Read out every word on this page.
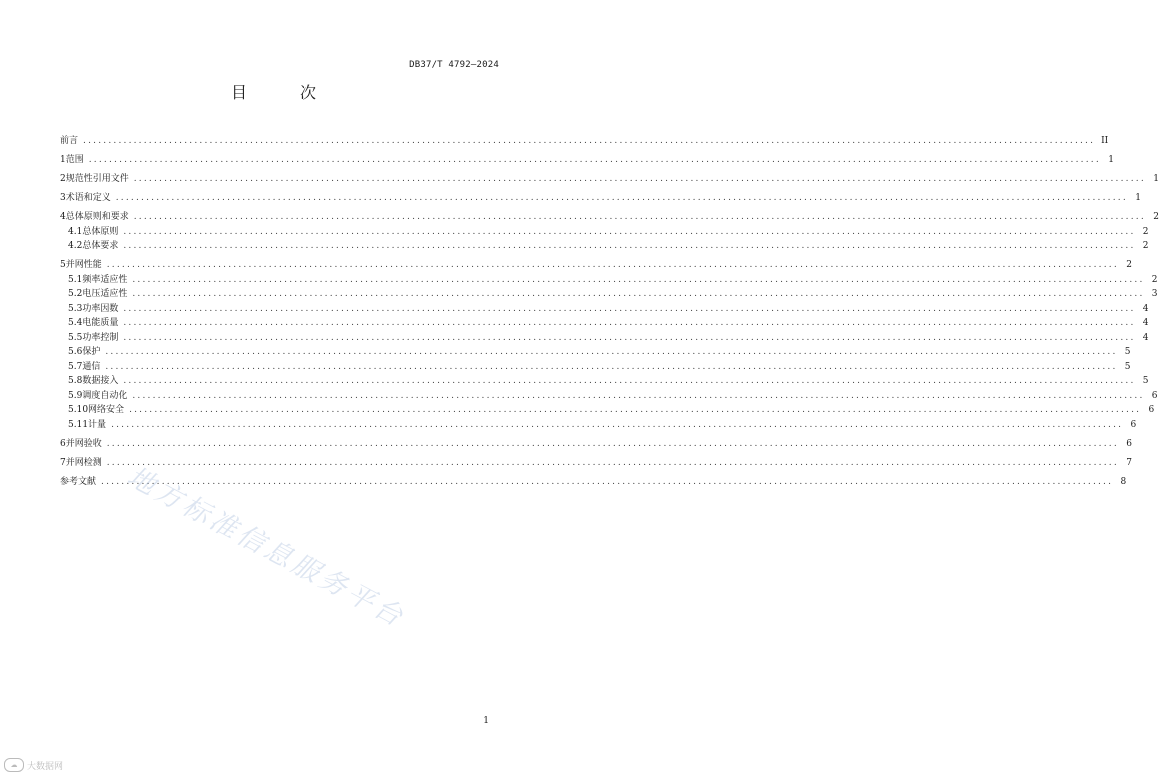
DB37/T 4792—2024
目 次
前言 ........................................................................................................................................................................................................ II
1 范围 ........................................................................................................................................................................................................ 1
2 规范性引用文件 ........................................................................................................................................................................................................ 1
3 术语和定义 ........................................................................................................................................................................................................ 1
4 总体原则和要求 ........................................................................................................................................................................................................ 2
4.1 总体原则 ........................................................................................................................................................................................................ 2
4.2 总体要求 ........................................................................................................................................................................................................ 2
5 并网性能 ........................................................................................................................................................................................................ 2
5.1 频率适应性 ........................................................................................................................................................................................................ 2
5.2 电压适应性 ........................................................................................................................................................................................................ 3
5.3 功率因数 ........................................................................................................................................................................................................ 4
5.4 电能质量 ........................................................................................................................................................................................................ 4
5.5 功率控制 ........................................................................................................................................................................................................ 4
5.6 保护 ........................................................................................................................................................................................................ 5
5.7 通信 ........................................................................................................................................................................................................ 5
5.8 数据接入 ........................................................................................................................................................................................................ 5
5.9 调度自动化 ........................................................................................................................................................................................................ 6
5.10 网络安全 ........................................................................................................................................................................................................ 6
5.11 计量 ........................................................................................................................................................................................................ 6
6 并网验收 ........................................................................................................................................................................................................ 6
7 并网检测 ........................................................................................................................................................................................................ 7
参考文献 ........................................................................................................................................................................................................ 8
地方标准信息服务平台
1
☁	大数据网
